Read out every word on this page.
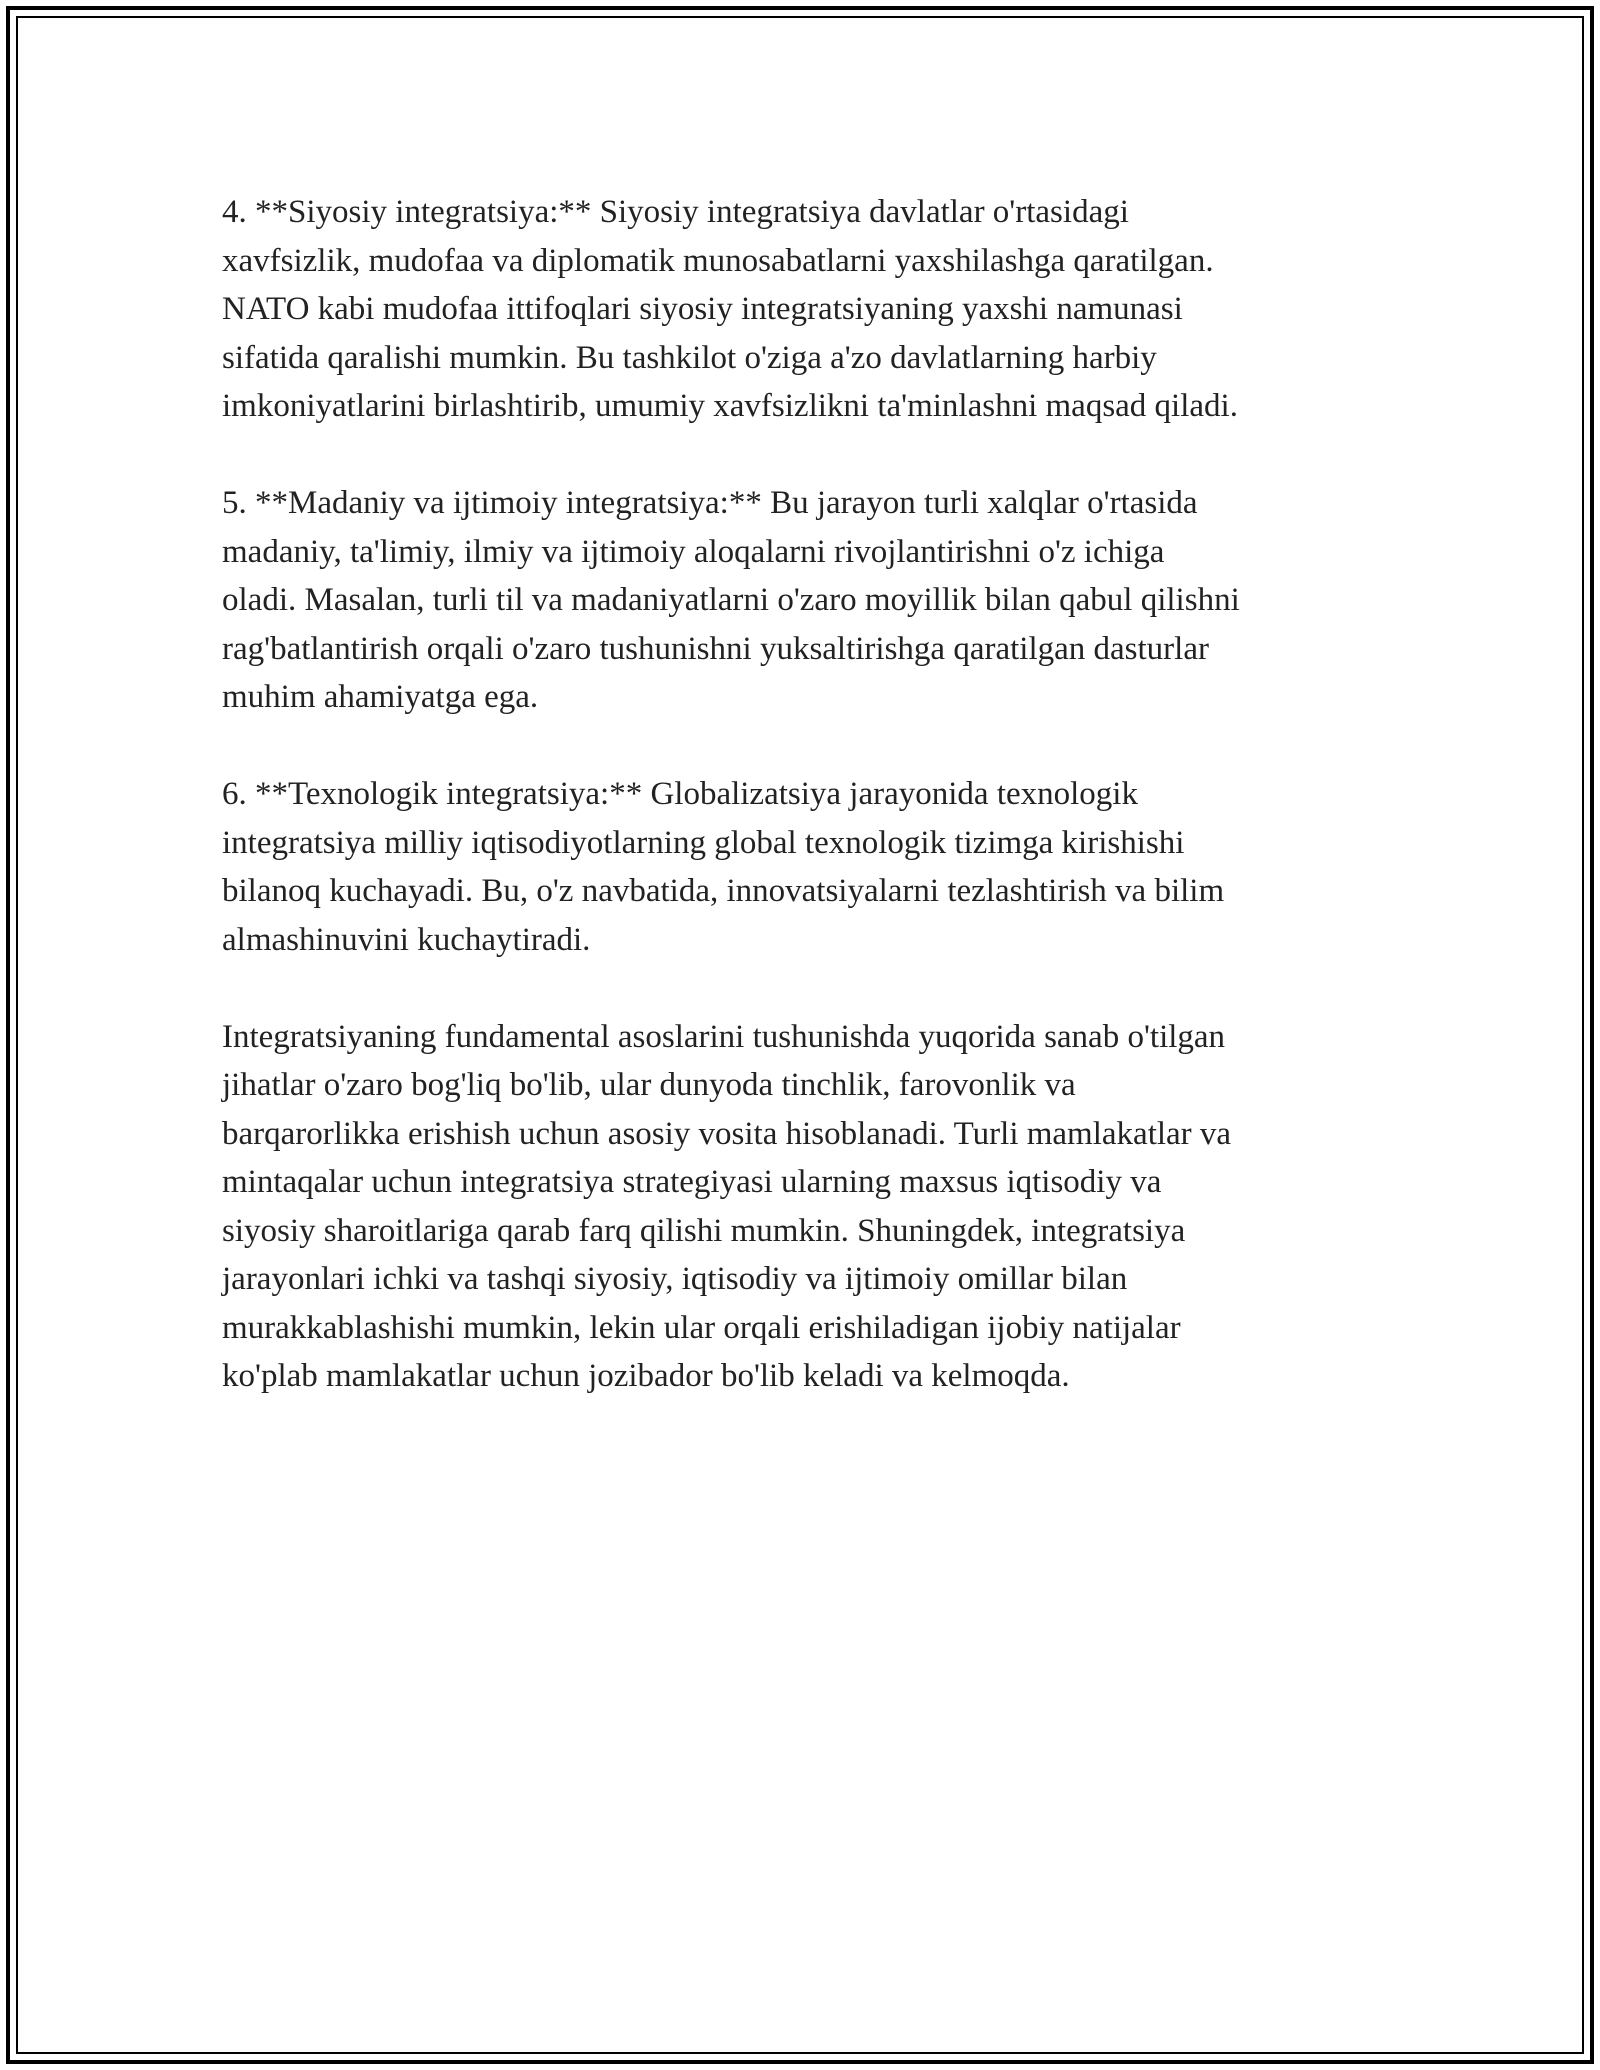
4. **Siyosiy integratsiya:** Siyosiy integratsiya davlatlar o'rtasidagi
xavfsizlik, mudofaa va diplomatik munosabatlarni yaxshilashga qaratilgan.
NATO kabi mudofaa ittifoqlari siyosiy integratsiyaning yaxshi namunasi
sifatida qaralishi mumkin. Bu tashkilot o'ziga a'zo davlatlarning harbiy
imkoniyatlarini birlashtirib, umumiy xavfsizlikni ta'minlashni maqsad qiladi.

5. **Madaniy va ijtimoiy integratsiya:** Bu jarayon turli xalqlar o'rtasida
madaniy, ta'limiy, ilmiy va ijtimoiy aloqalarni rivojlantirishni o'z ichiga
oladi. Masalan, turli til va madaniyatlarni o'zaro moyillik bilan qabul qilishni
rag'batlantirish orqali o'zaro tushunishni yuksaltirishga qaratilgan dasturlar
muhim ahamiyatga ega.

6. **Texnologik integratsiya:** Globalizatsiya jarayonida texnologik
integratsiya milliy iqtisodiyotlarning global texnologik tizimga kirishishi
bilanoq kuchayadi. Bu, o'z navbatida, innovatsiyalarni tezlashtirish va bilim
almashinuvini kuchaytiradi.

Integratsiyaning fundamental asoslarini tushunishda yuqorida sanab o'tilgan
jihatlar o'zaro bog'liq bo'lib, ular dunyoda tinchlik, farovonlik va
barqarorlikka erishish uchun asosiy vosita hisoblanadi. Turli mamlakatlar va
mintaqalar uchun integratsiya strategiyasi ularning maxsus iqtisodiy va
siyosiy sharoitlariga qarab farq qilishi mumkin. Shuningdek, integratsiya
jarayonlari ichki va tashqi siyosiy, iqtisodiy va ijtimoiy omillar bilan
murakkablashishi mumkin, lekin ular orqali erishiladigan ijobiy natijalar
ko'plab mamlakatlar uchun jozibador bo'lib keladi va kelmoqda.
